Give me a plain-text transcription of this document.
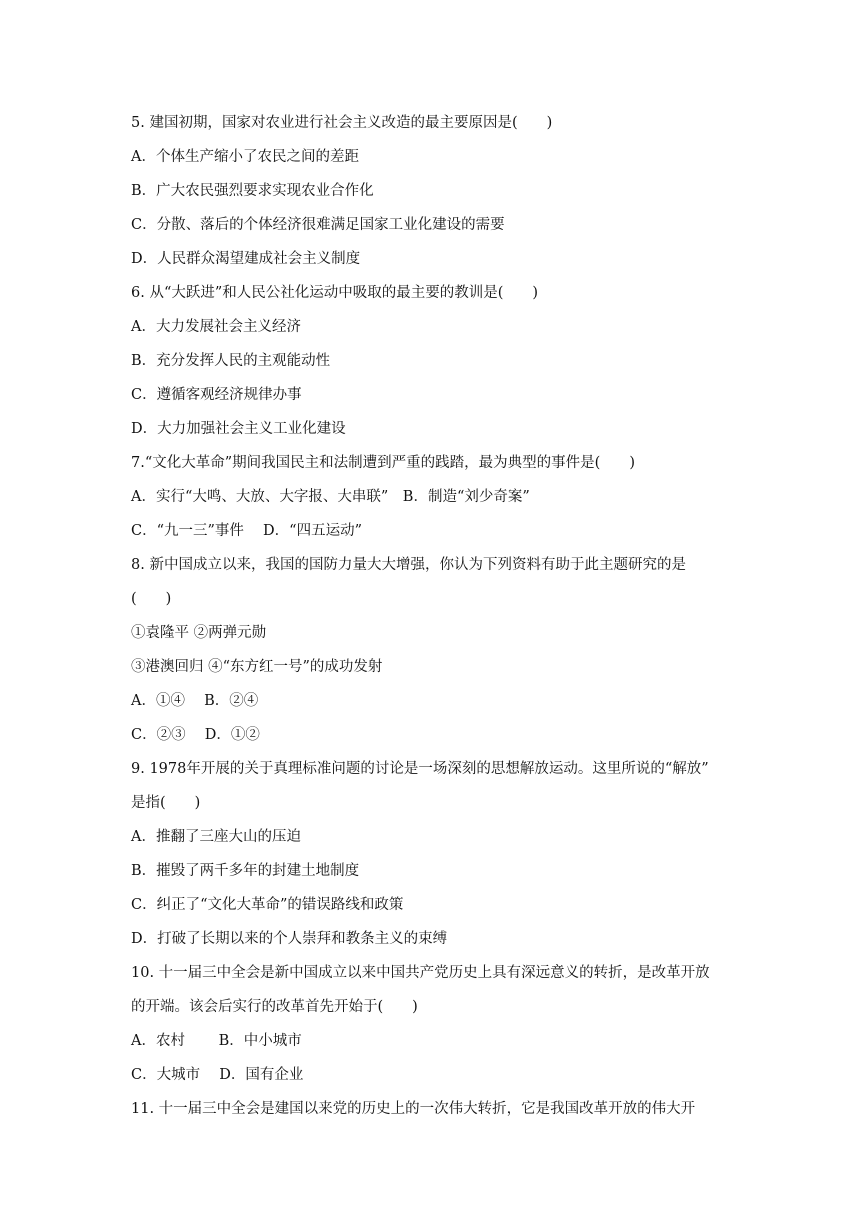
5. 建国初期，国家对农业进行社会主义改造的最主要原因是(　　)
A．个体生产缩小了农民之间的差距
B．广大农民强烈要求实现农业合作化
C．分散、落后的个体经济很难满足国家工业化建设的需要
D．人民群众渴望建成社会主义制度
6. 从“大跃进”和人民公社化运动中吸取的最主要的教训是(　　)
A．大力发展社会主义经济
B．充分发挥人民的主观能动性
C．遵循客观经济规律办事
D．大力加强社会主义工业化建设
7.“文化大革命”期间我国民主和法制遭到严重的践踏，最为典型的事件是(　　)
A．实行“大鸣、大放、大字报、大串联”　B．制造“刘少奇案”
C．“九一三”事件　 D．“四五运动”
8. 新中国成立以来，我国的国防力量大大增强，你认为下列资料有助于此主题研究的是
(　　)
①袁隆平 ②两弹元勋
③港澳回归 ④“东方红一号”的成功发射
A．①④　 B．②④
C．②③　 D．①②
9. 1978年开展的关于真理标准问题的讨论是一场深刻的思想解放运动。这里所说的“解放”
是指(　　)
A．推翻了三座大山的压迫
B．摧毁了两千多年的封建土地制度
C．纠正了“文化大革命”的错误路线和政策
D．打破了长期以来的个人崇拜和教条主义的束缚
10. 十一届三中全会是新中国成立以来中国共产党历史上具有深远意义的转折，是改革开放
的开端。该会后实行的改革首先开始于(　　)
A．农村　　 B．中小城市
C．大城市　 D．国有企业
11. 十一届三中全会是建国以来党的历史上的一次伟大转折，它是我国改革开放的伟大开
